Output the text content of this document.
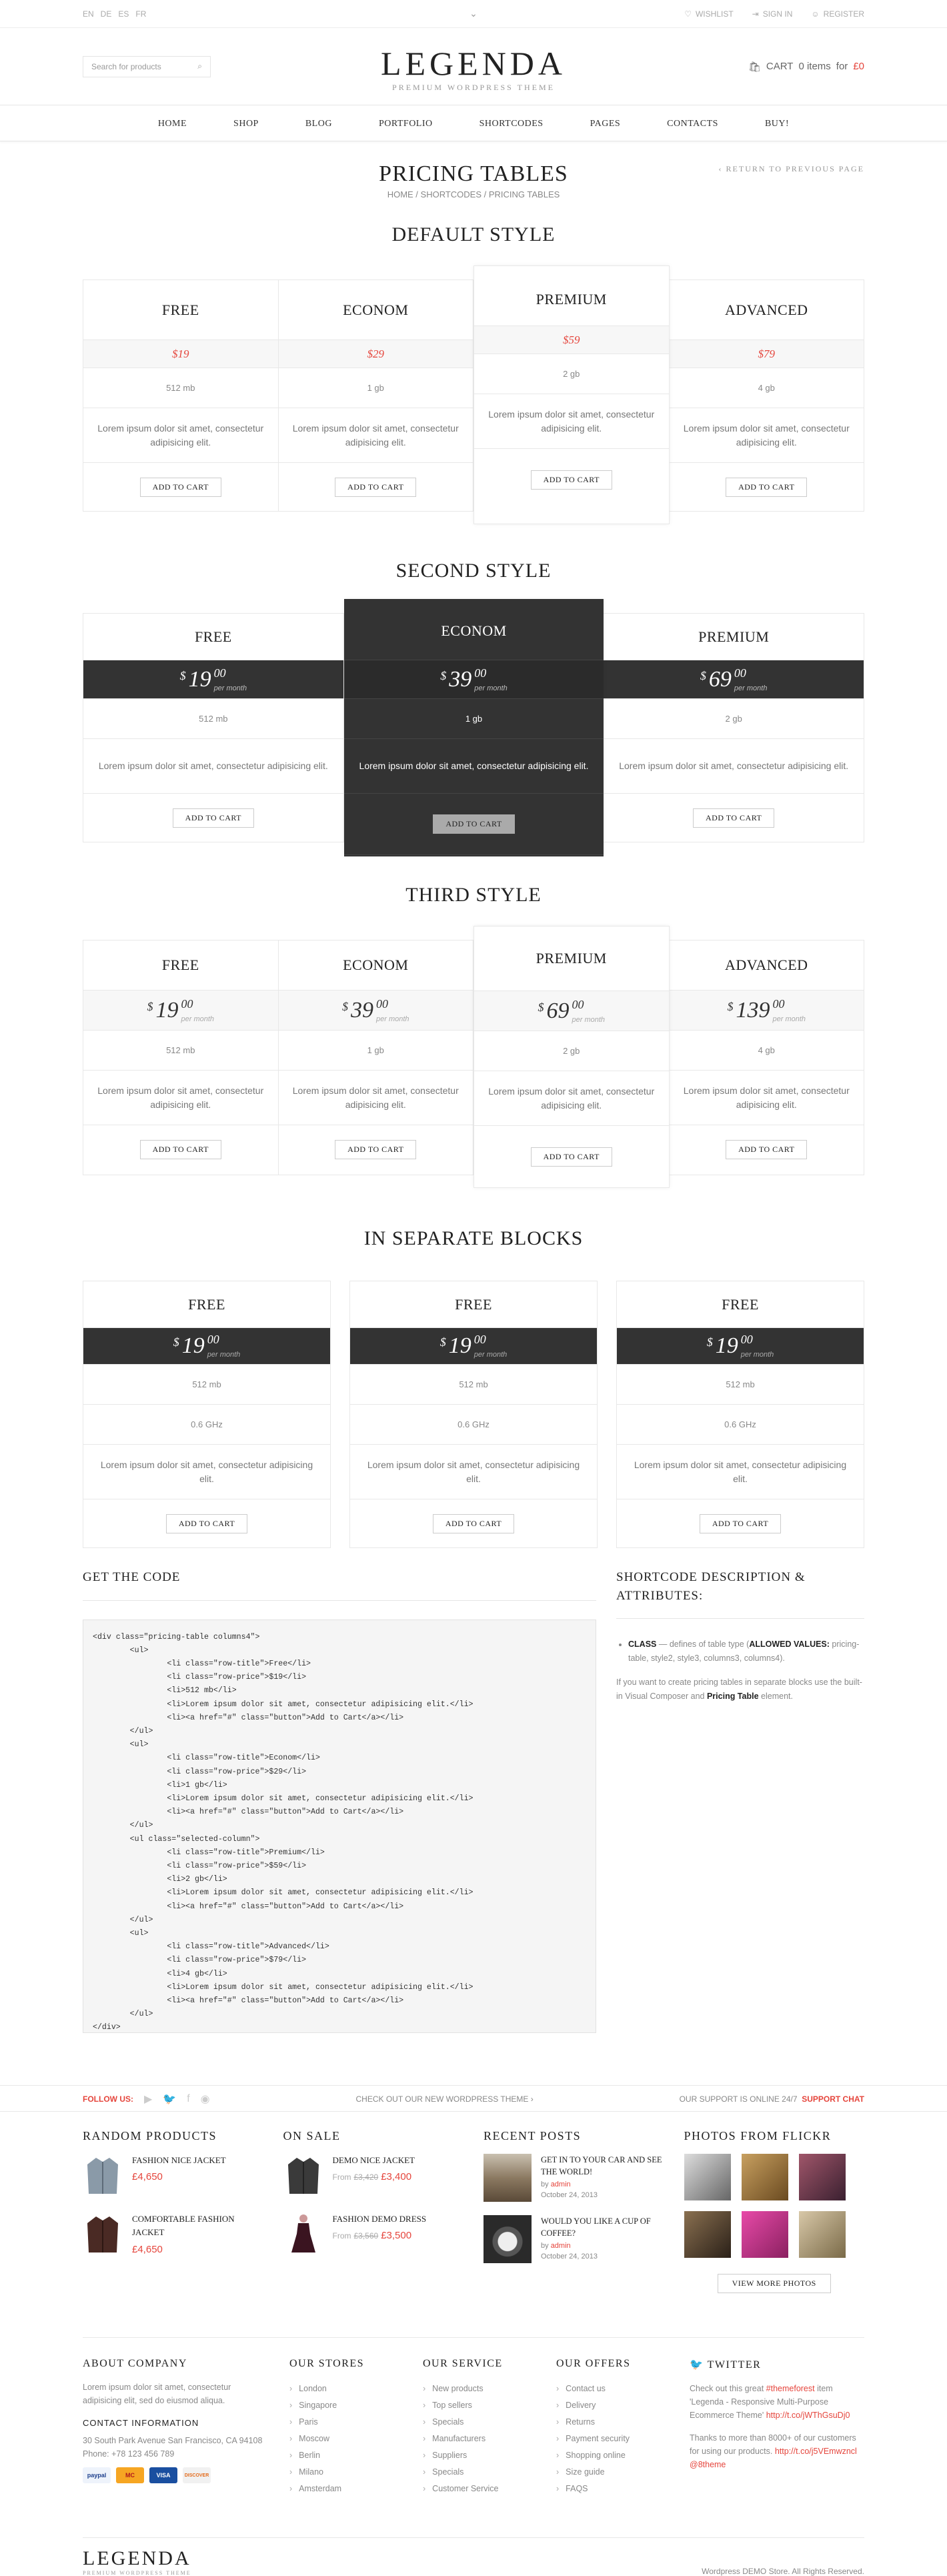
EN DE ES FR	⌄	♡ WISHLIST ⇥ SIGN IN ☺ REGISTER
Search for products	⌕	LEGENDA
PREMIUM WORDPRESS THEME
🛍 CART 0 items for £0
HOME	SHOP	BLOG	PORTFOLIO	SHORTCODES	PAGES	CONTACTS	BUY!
PRICING TABLES
HOME / SHORTCODES / PRICING TABLES
‹ RETURN TO PREVIOUS PAGE
DEFAULT STYLE
FREE
$19
512 mb
Lorem ipsum dolor sit amet, consectetur adipisicing elit.
ADD TO CART
ECONOM
$29
1 gb
Lorem ipsum dolor sit amet, consectetur adipisicing elit.
ADD TO CART
PREMIUM
$59
2 gb
Lorem ipsum dolor sit amet, consectetur adipisicing elit.
ADD TO CART
ADVANCED
$79
4 gb
Lorem ipsum dolor sit amet, consectetur adipisicing elit.
ADD TO CART
SECOND STYLE
FREE
$ 19 00
per month
512 mb
Lorem ipsum dolor sit amet, consectetur adipisicing elit.
ADD TO CART
ECONOM
$ 39 00
per month
1 gb
Lorem ipsum dolor sit amet, consectetur adipisicing elit.
ADD TO CART
PREMIUM
$ 69 00
per month
2 gb
Lorem ipsum dolor sit amet, consectetur adipisicing elit.
ADD TO CART
THIRD STYLE
FREE
$ 19 00
per month
512 mb
Lorem ipsum dolor sit amet, consectetur adipisicing elit.
ADD TO CART
ECONOM
$ 39 00
per month
1 gb
Lorem ipsum dolor sit amet, consectetur adipisicing elit.
ADD TO CART
PREMIUM
$ 69 00
per month
2 gb
Lorem ipsum dolor sit amet, consectetur adipisicing elit.
ADD TO CART
ADVANCED
$ 139 00
per month
4 gb
Lorem ipsum dolor sit amet, consectetur adipisicing elit.
ADD TO CART
IN SEPARATE BLOCKS
FREE
$ 19 00
per month
512 mb
0.6 GHz
Lorem ipsum dolor sit amet, consectetur adipisicing elit.
ADD TO CART
FREE
$ 19 00
per month
512 mb
0.6 GHz
Lorem ipsum dolor sit amet, consectetur adipisicing elit.
ADD TO CART
FREE
$ 19 00
per month
512 mb
0.6 GHz
Lorem ipsum dolor sit amet, consectetur adipisicing elit.
ADD TO CART
GET THE CODE
<div class="pricing-table columns4">
<ul>
<li class="row-title">Free</li>
<li class="row-price">$19</li>
<li>512 mb</li>
<li>Lorem ipsum dolor sit amet, consectetur adipisicing elit.</li>
<li><a href="#" class="button">Add to Cart</a></li>
</ul>
<ul>
<li class="row-title">Econom</li>
<li class="row-price">$29</li>
<li>1 gb</li>
<li>Lorem ipsum dolor sit amet, consectetur adipisicing elit.</li>
<li><a href="#" class="button">Add to Cart</a></li>
</ul>
<ul class="selected-column">
<li class="row-title">Premium</li>
<li class="row-price">$59</li>
<li>2 gb</li>
<li>Lorem ipsum dolor sit amet, consectetur adipisicing elit.</li>
<li><a href="#" class="button">Add to Cart</a></li>
</ul>
<ul>
<li class="row-title">Advanced</li>
<li class="row-price">$79</li>
<li>4 gb</li>
<li>Lorem ipsum dolor sit amet, consectetur adipisicing elit.</li>
<li><a href="#" class="button">Add to Cart</a></li>
</ul>
</div>
SHORTCODE DESCRIPTION & ATTRIBUTES:
• CLASS — defines of table type (ALLOWED VALUES: pricing-table, style2, style3, columns3, columns4).

If you want to create pricing tables in separate blocks use the built-in Visual Composer and Pricing Table element.

FOLLOW US: ▶ 🐦 f ◉	CHECK OUT OUR NEW WORDPRESS THEME ›	OUR SUPPORT IS ONLINE 24/7 SUPPORT CHAT
RANDOM PRODUCTS
FASHION NICE JACKET
£4,650
COMFORTABLE FASHION JACKET
£4,650
ON SALE
DEMO NICE JACKET
From £3,420 £3,400
FASHION DEMO DRESS
From £3,560 £3,500
RECENT POSTS
GET IN TO YOUR CAR AND SEE THE WORLD!
by admin
October 24, 2013
WOULD YOU LIKE A CUP OF COFFEE?
by admin
October 24, 2013
PHOTOS FROM FLICKR
VIEW MORE PHOTOS
ABOUT COMPANY
Lorem ipsum dolor sit amet, consectetur adipisicing elit, sed do eiusmod aliqua.
CONTACT INFORMATION
30 South Park Avenue San Francisco, CA 94108
Phone: +78 123 456 789
paypal	MC	VISA	DISCOVER
OUR STORES
› London
› Singapore
› Paris
› Moscow
› Berlin
› Milano
› Amsterdam
OUR SERVICE
› New products
› Top sellers
› Specials
› Manufacturers
› Suppliers
› Specials
› Customer Service
OUR OFFERS
› Contact us
› Delivery
› Returns
› Payment security
› Shopping online
› Size guide
› FAQS
🐦 TWITTER

Check out this great #themeforest item 'Legenda - Responsive Multi-Purpose Ecommerce Theme' http://t.co/jWThGsuDj0

Thanks to more than 8000+ of our customers for using our products. http://t.co/j5VEmwzncl
@8theme

LEGENDA
PREMIUM WORDPRESS THEME	Wordpress DEMO Store. All Rights Reserved.
